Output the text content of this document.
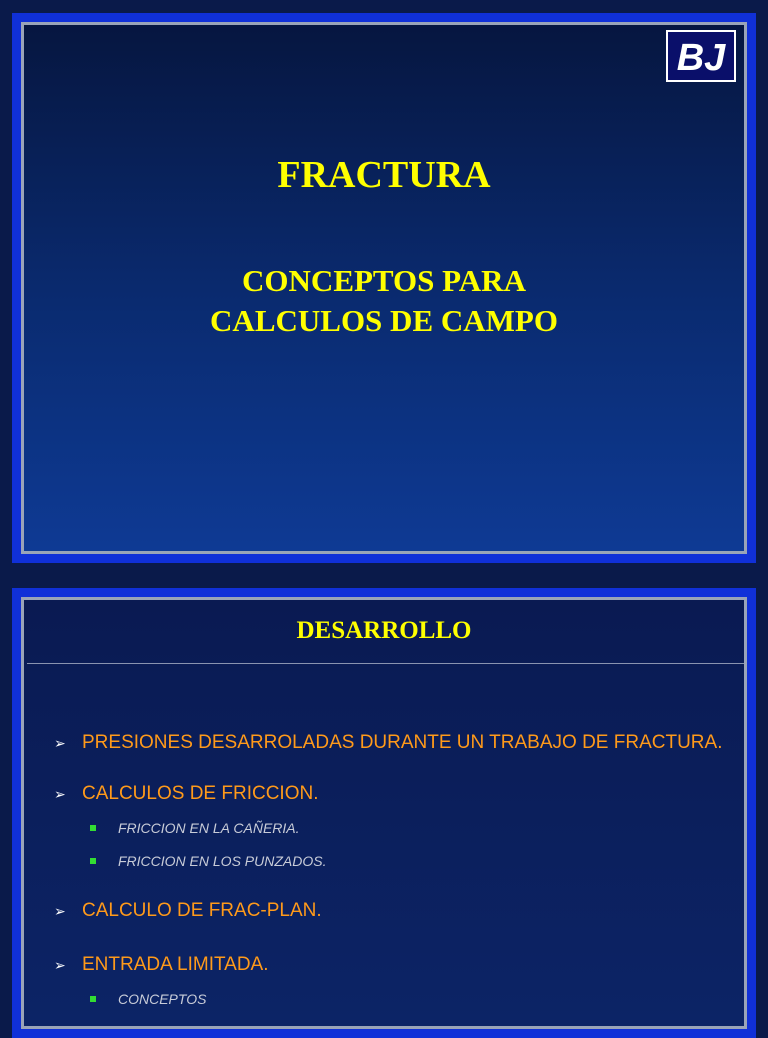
BJ
FRACTURA
CONCEPTOS PARA
CALCULOS DE CAMPO
DESARROLLO
➢ PRESIONES DESARROLADAS DURANTE UN TRABAJO DE FRACTURA.
➢ CALCULOS DE FRICCION.
FRICCION EN LA CAÑERIA.
FRICCION EN LOS PUNZADOS.
➢ CALCULO DE FRAC-PLAN.
➢ ENTRADA LIMITADA.
CONCEPTOS
